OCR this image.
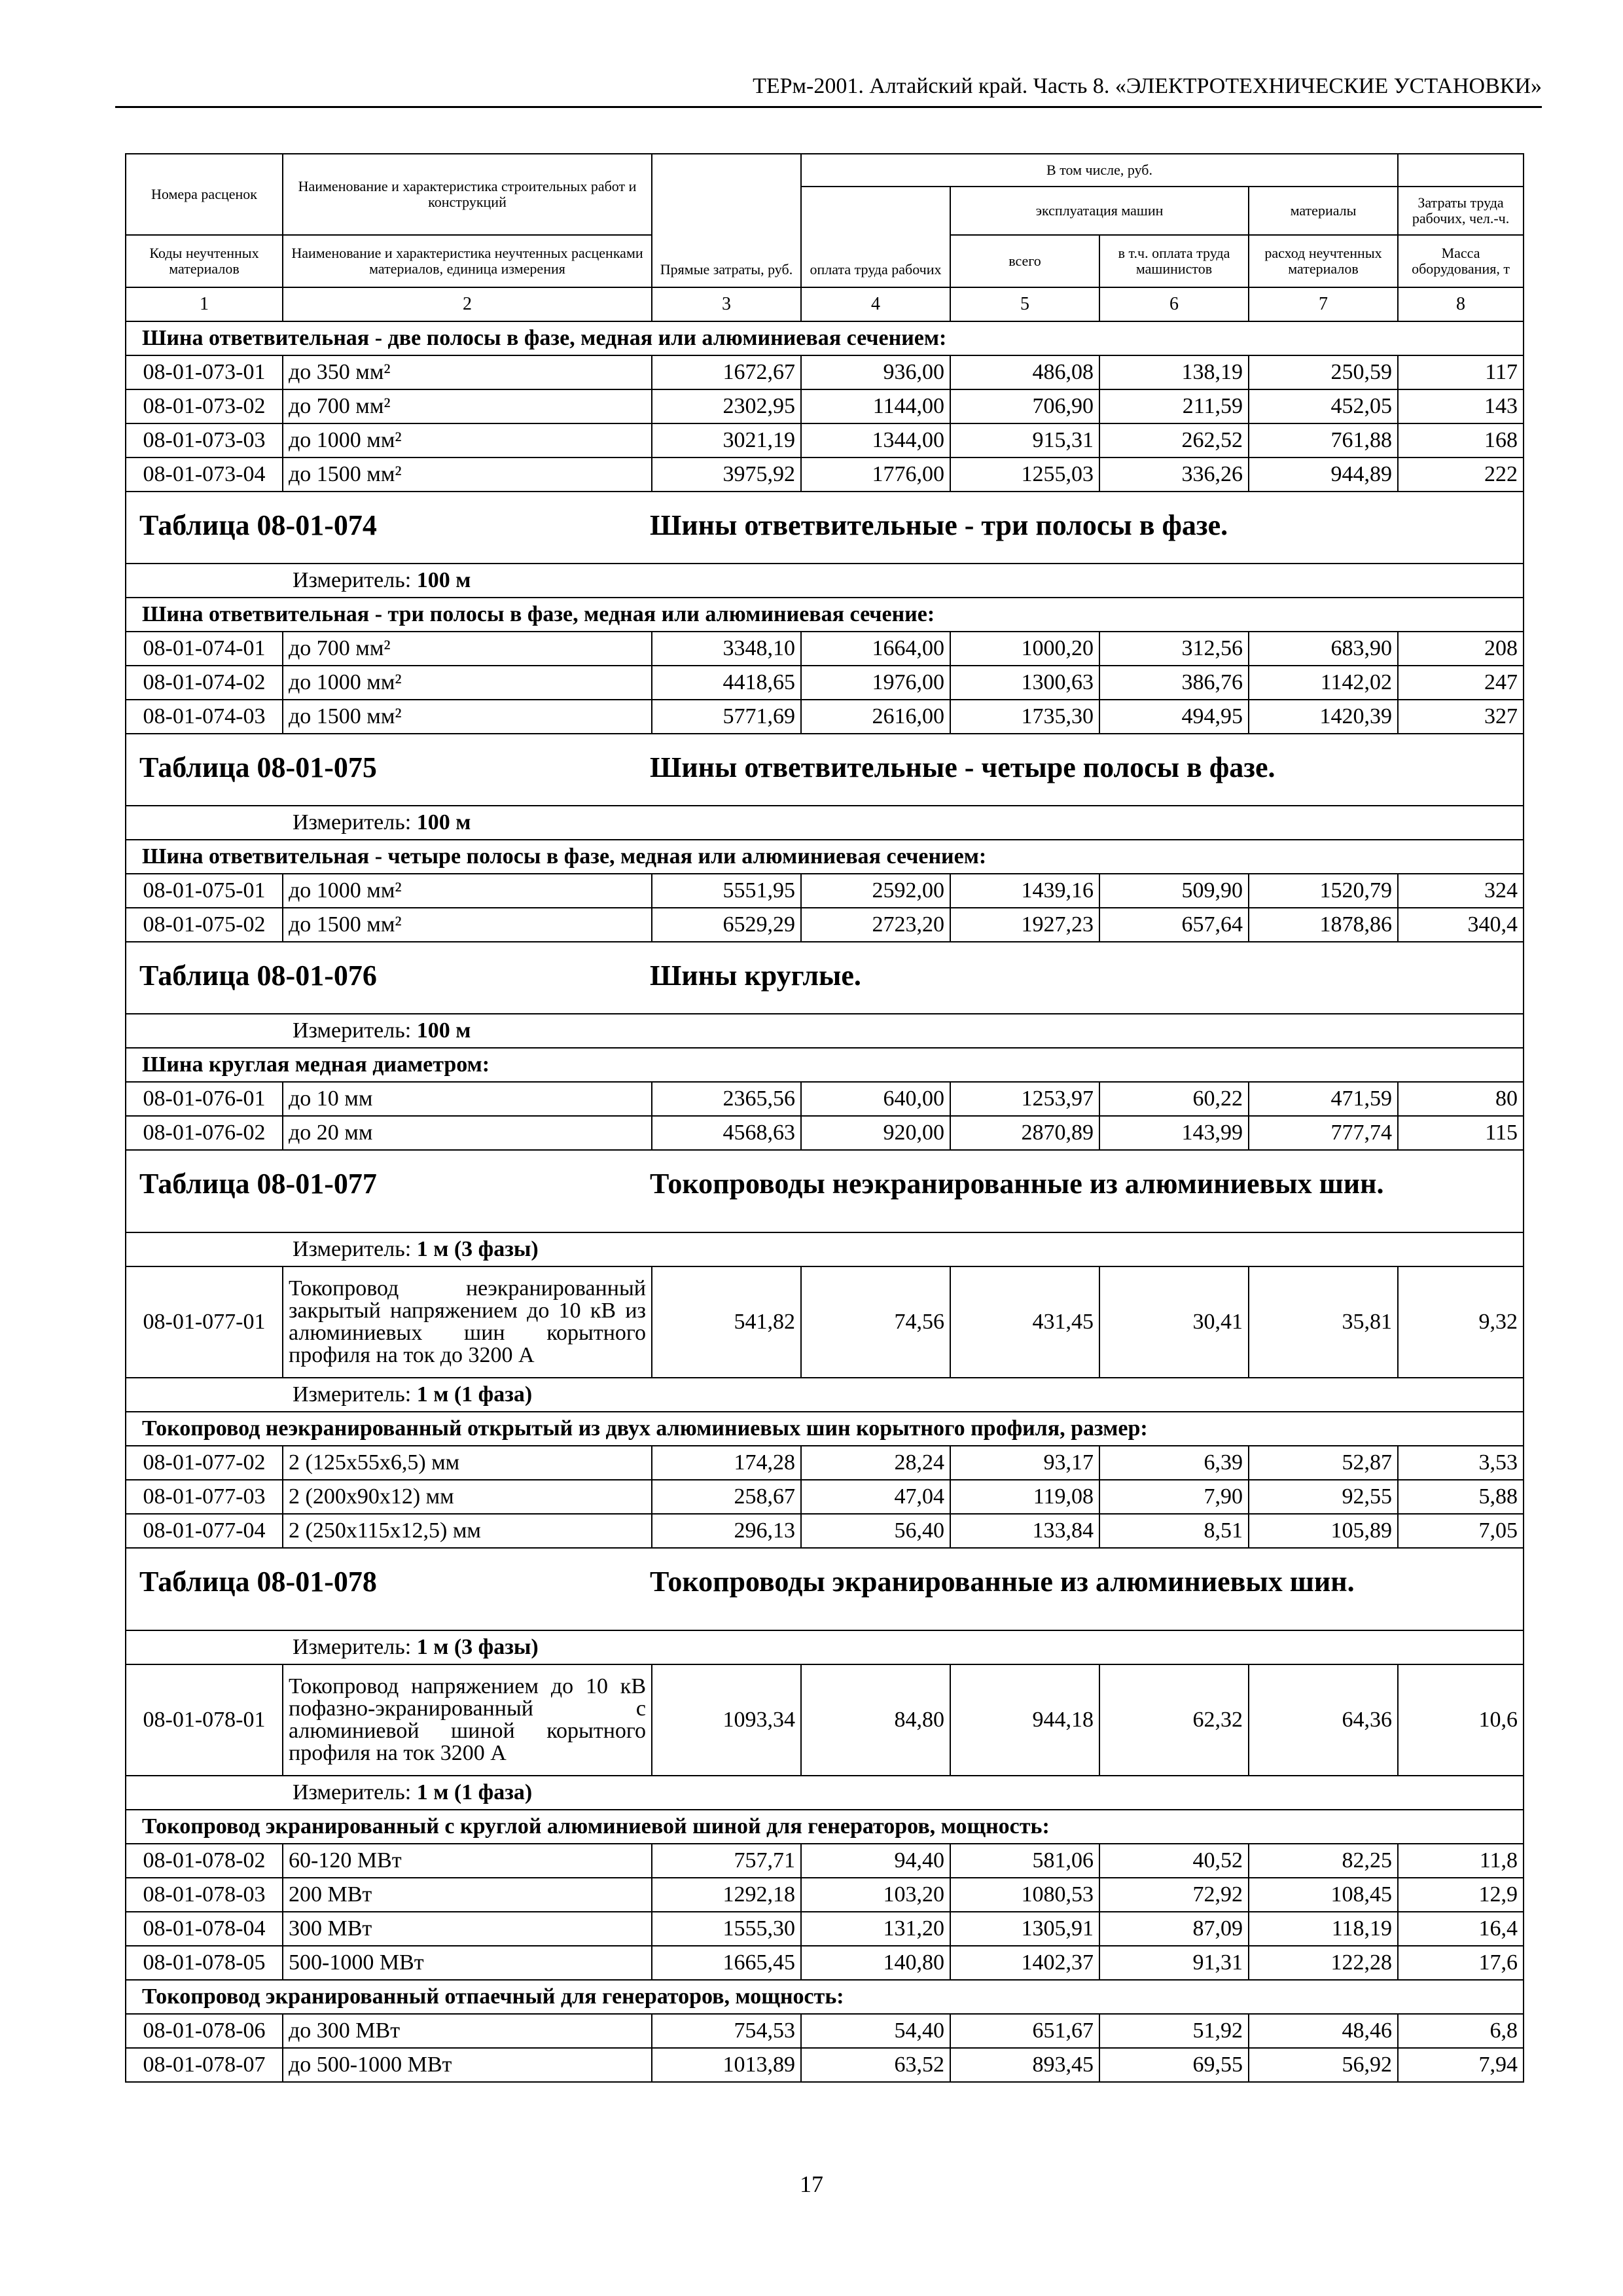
ТЕРм-2001. Алтайский край. Часть 8. «ЭЛЕКТРОТЕХНИЧЕСКИЕ УСТАНОВКИ»
Номера расценок	Наименование и характеристика строительных работ и конструкций	Прямые затраты, руб.	В том числе, руб.				
			оплата труда рабочих	эксплуатация машин		материалы	Затраты труда рабочих, чел.-ч.
Коды неучтенных материалов	Наименование и характеристика неучтенных расценками материалов, единица измерения			всего	в т.ч. оплата труда машинистов	расход неучтенных материалов	Масса оборудования, т
1	2	3	4	5	6	7	8
Шина ответвительная - две полосы в фазе, медная или алюминиевая сечением:							
08-01-073-01	до 350 мм²	1672,67	936,00	486,08	138,19	250,59	117
08-01-073-02	до 700 мм²	2302,95	1144,00	706,90	211,59	452,05	143
08-01-073-03	до 1000 мм²	3021,19	1344,00	915,31	262,52	761,88	168
08-01-073-04	до 1500 мм²	3975,92	1776,00	1255,03	336,26	944,89	222

Таблица 08-01-074 Шины ответвительные - три полосы в фазе.							

Измеритель: 100 м							
Шина ответвительная - три полосы в фазе, медная или алюминиевая сечение:							
08-01-074-01	до 700 мм²	3348,10	1664,00	1000,20	312,56	683,90	208
08-01-074-02	до 1000 мм²	4418,65	1976,00	1300,63	386,76	1142,02	247
08-01-074-03	до 1500 мм²	5771,69	2616,00	1735,30	494,95	1420,39	327

Таблица 08-01-075 Шины ответвительные - четыре полосы в фазе.							

Измеритель: 100 м							
Шина ответвительная - четыре полосы в фазе, медная или алюминиевая сечением:							
08-01-075-01	до 1000 мм²	5551,95	2592,00	1439,16	509,90	1520,79	324
08-01-075-02	до 1500 мм²	6529,29	2723,20	1927,23	657,64	1878,86	340,4

Таблица 08-01-076 Шины круглые.							

Измеритель: 100 м							
Шина круглая медная диаметром:							
08-01-076-01	до 10 мм	2365,56	640,00	1253,97	60,22	471,59	80
08-01-076-02	до 20 мм	4568,63	920,00	2870,89	143,99	777,74	115

Таблица 08-01-077 Токопроводы неэкранированные из алюминиевых шин.							

Измеритель: 1 м (3 фазы)							
08-01-077-01	Токопровод неэкранированный закрытый напряжением до 10 кВ из алюминиевых шин корытного профиля на ток до 3200 А	541,82	74,56	431,45	30,41	35,81	9,32
Измеритель: 1 м (1 фаза)							
Токопровод неэкранированный открытый из двух алюминиевых шин корытного профиля, размер:							
08-01-077-02	2 (125x55x6,5) мм	174,28	28,24	93,17	6,39	52,87	3,53
08-01-077-03	2 (200x90x12) мм	258,67	47,04	119,08	7,90	92,55	5,88
08-01-077-04	2 (250x115x12,5) мм	296,13	56,40	133,84	8,51	105,89	7,05

Таблица 08-01-078 Токопроводы экранированные из алюминиевых шин.							

Измеритель: 1 м (3 фазы)							
08-01-078-01	Токопровод напряжением до 10 кВ пофазно-экранированный с алюминиевой шиной корытного профиля на ток 3200 А	1093,34	84,80	944,18	62,32	64,36	10,6
Измеритель: 1 м (1 фаза)							
Токопровод экранированный с круглой алюминиевой шиной для генераторов, мощность:							
08-01-078-02	60-120 МВт	757,71	94,40	581,06	40,52	82,25	11,8
08-01-078-03	200 МВт	1292,18	103,20	1080,53	72,92	108,45	12,9
08-01-078-04	300 МВт	1555,30	131,20	1305,91	87,09	118,19	16,4
08-01-078-05	500-1000 МВт	1665,45	140,80	1402,37	91,31	122,28	17,6
Токопровод экранированный отпаечный для генераторов, мощность:							
08-01-078-06	до 300 МВт	754,53	54,40	651,67	51,92	48,46	6,8
08-01-078-07	до 500-1000 МВт	1013,89	63,52	893,45	69,55	56,92	7,94
17
